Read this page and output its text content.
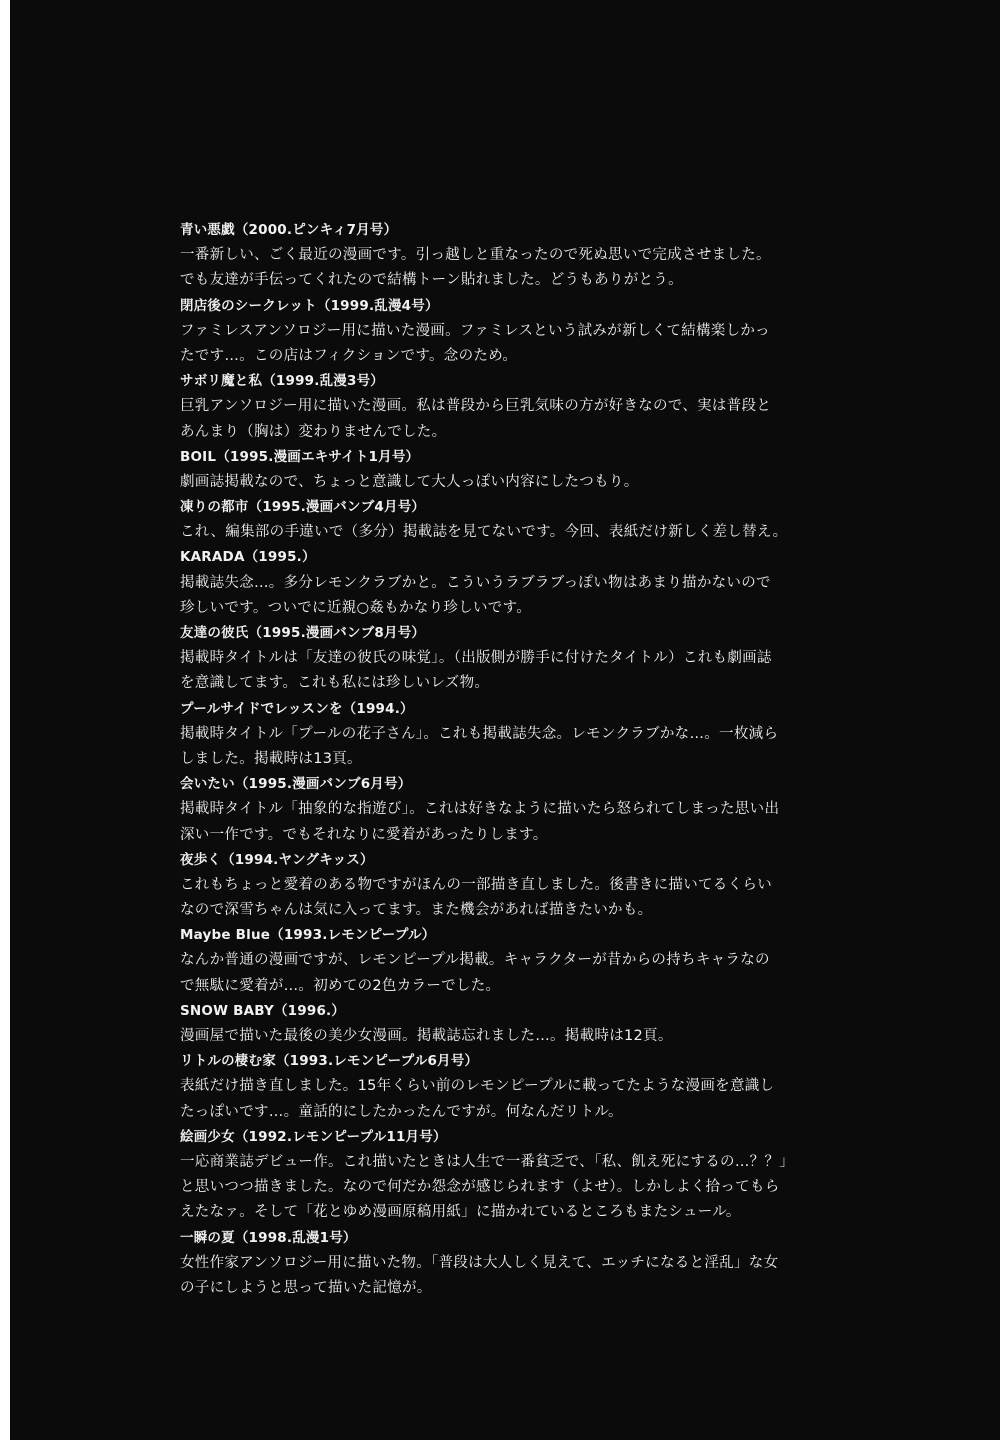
青い悪戯（2000.ピンキィ7月号）
一番新しい、ごく最近の漫画です。引っ越しと重なったので死ぬ思いで完成させました。
でも友達が手伝ってくれたので結構トーン貼れました。どうもありがとう。
閉店後のシークレット（1999.乱漫4号）
ファミレスアンソロジー用に描いた漫画。ファミレスという試みが新しくて結構楽しかっ
たです…。この店はフィクションです。念のため。
サボリ魔と私（1999.乱漫3号）
巨乳アンソロジー用に描いた漫画。私は普段から巨乳気味の方が好きなので、実は普段と
あんまり（胸は）変わりませんでした。
BOIL（1995.漫画エキサイト1月号）
劇画誌掲載なので、ちょっと意識して大人っぽい内容にしたつもり。
凍りの都市（1995.漫画バンブ4月号）
これ、編集部の手違いで（多分）掲載誌を見てないです。今回、表紙だけ新しく差し替え。
KARADA（1995.）
掲載誌失念…。多分レモンクラブかと。こういうラブラブっぽい物はあまり描かないので
珍しいです。ついでに近親○姦もかなり珍しいです。
友達の彼氏（1995.漫画バンブ8月号）
掲載時タイトルは「友達の彼氏の味覚」。（出版側が勝手に付けたタイトル）これも劇画誌
を意識してます。これも私には珍しいレズ物。
プールサイドでレッスンを（1994.）
掲載時タイトル「プールの花子さん」。これも掲載誌失念。レモンクラブかな…。一枚減ら
しました。掲載時は13頁。
会いたい（1995.漫画バンブ6月号）
掲載時タイトル「抽象的な指遊び」。これは好きなように描いたら怒られてしまった思い出
深い一作です。でもそれなりに愛着があったりします。
夜歩く（1994.ヤングキッス）
これもちょっと愛着のある物ですがほんの一部描き直しました。後書きに描いてるくらい
なので深雪ちゃんは気に入ってます。また機会があれば描きたいかも。
Maybe Blue（1993.レモンピープル）
なんか普通の漫画ですが、レモンピープル掲載。キャラクターが昔からの持ちキャラなの
で無駄に愛着が…。初めての2色カラーでした。
SNOW BABY（1996.）
漫画屋で描いた最後の美少女漫画。掲載誌忘れました…。掲載時は12頁。
リトルの棲む家（1993.レモンピープル6月号）
表紙だけ描き直しました。15年くらい前のレモンピープルに載ってたような漫画を意識し
たっぽいです…。童話的にしたかったんですが。何なんだリトル。
絵画少女（1992.レモンピープル11月号）
一応商業誌デビュー作。これ描いたときは人生で一番貧乏で、「私、飢え死にするの…？？」
と思いつつ描きました。なので何だか怨念が感じられます（よせ）。しかしよく拾ってもら
えたなァ。そして「花とゆめ漫画原稿用紙」に描かれているところもまたシュール。
一瞬の夏（1998.乱漫1号）
女性作家アンソロジー用に描いた物。「普段は大人しく見えて、エッチになると淫乱」な女
の子にしようと思って描いた記憶が。
